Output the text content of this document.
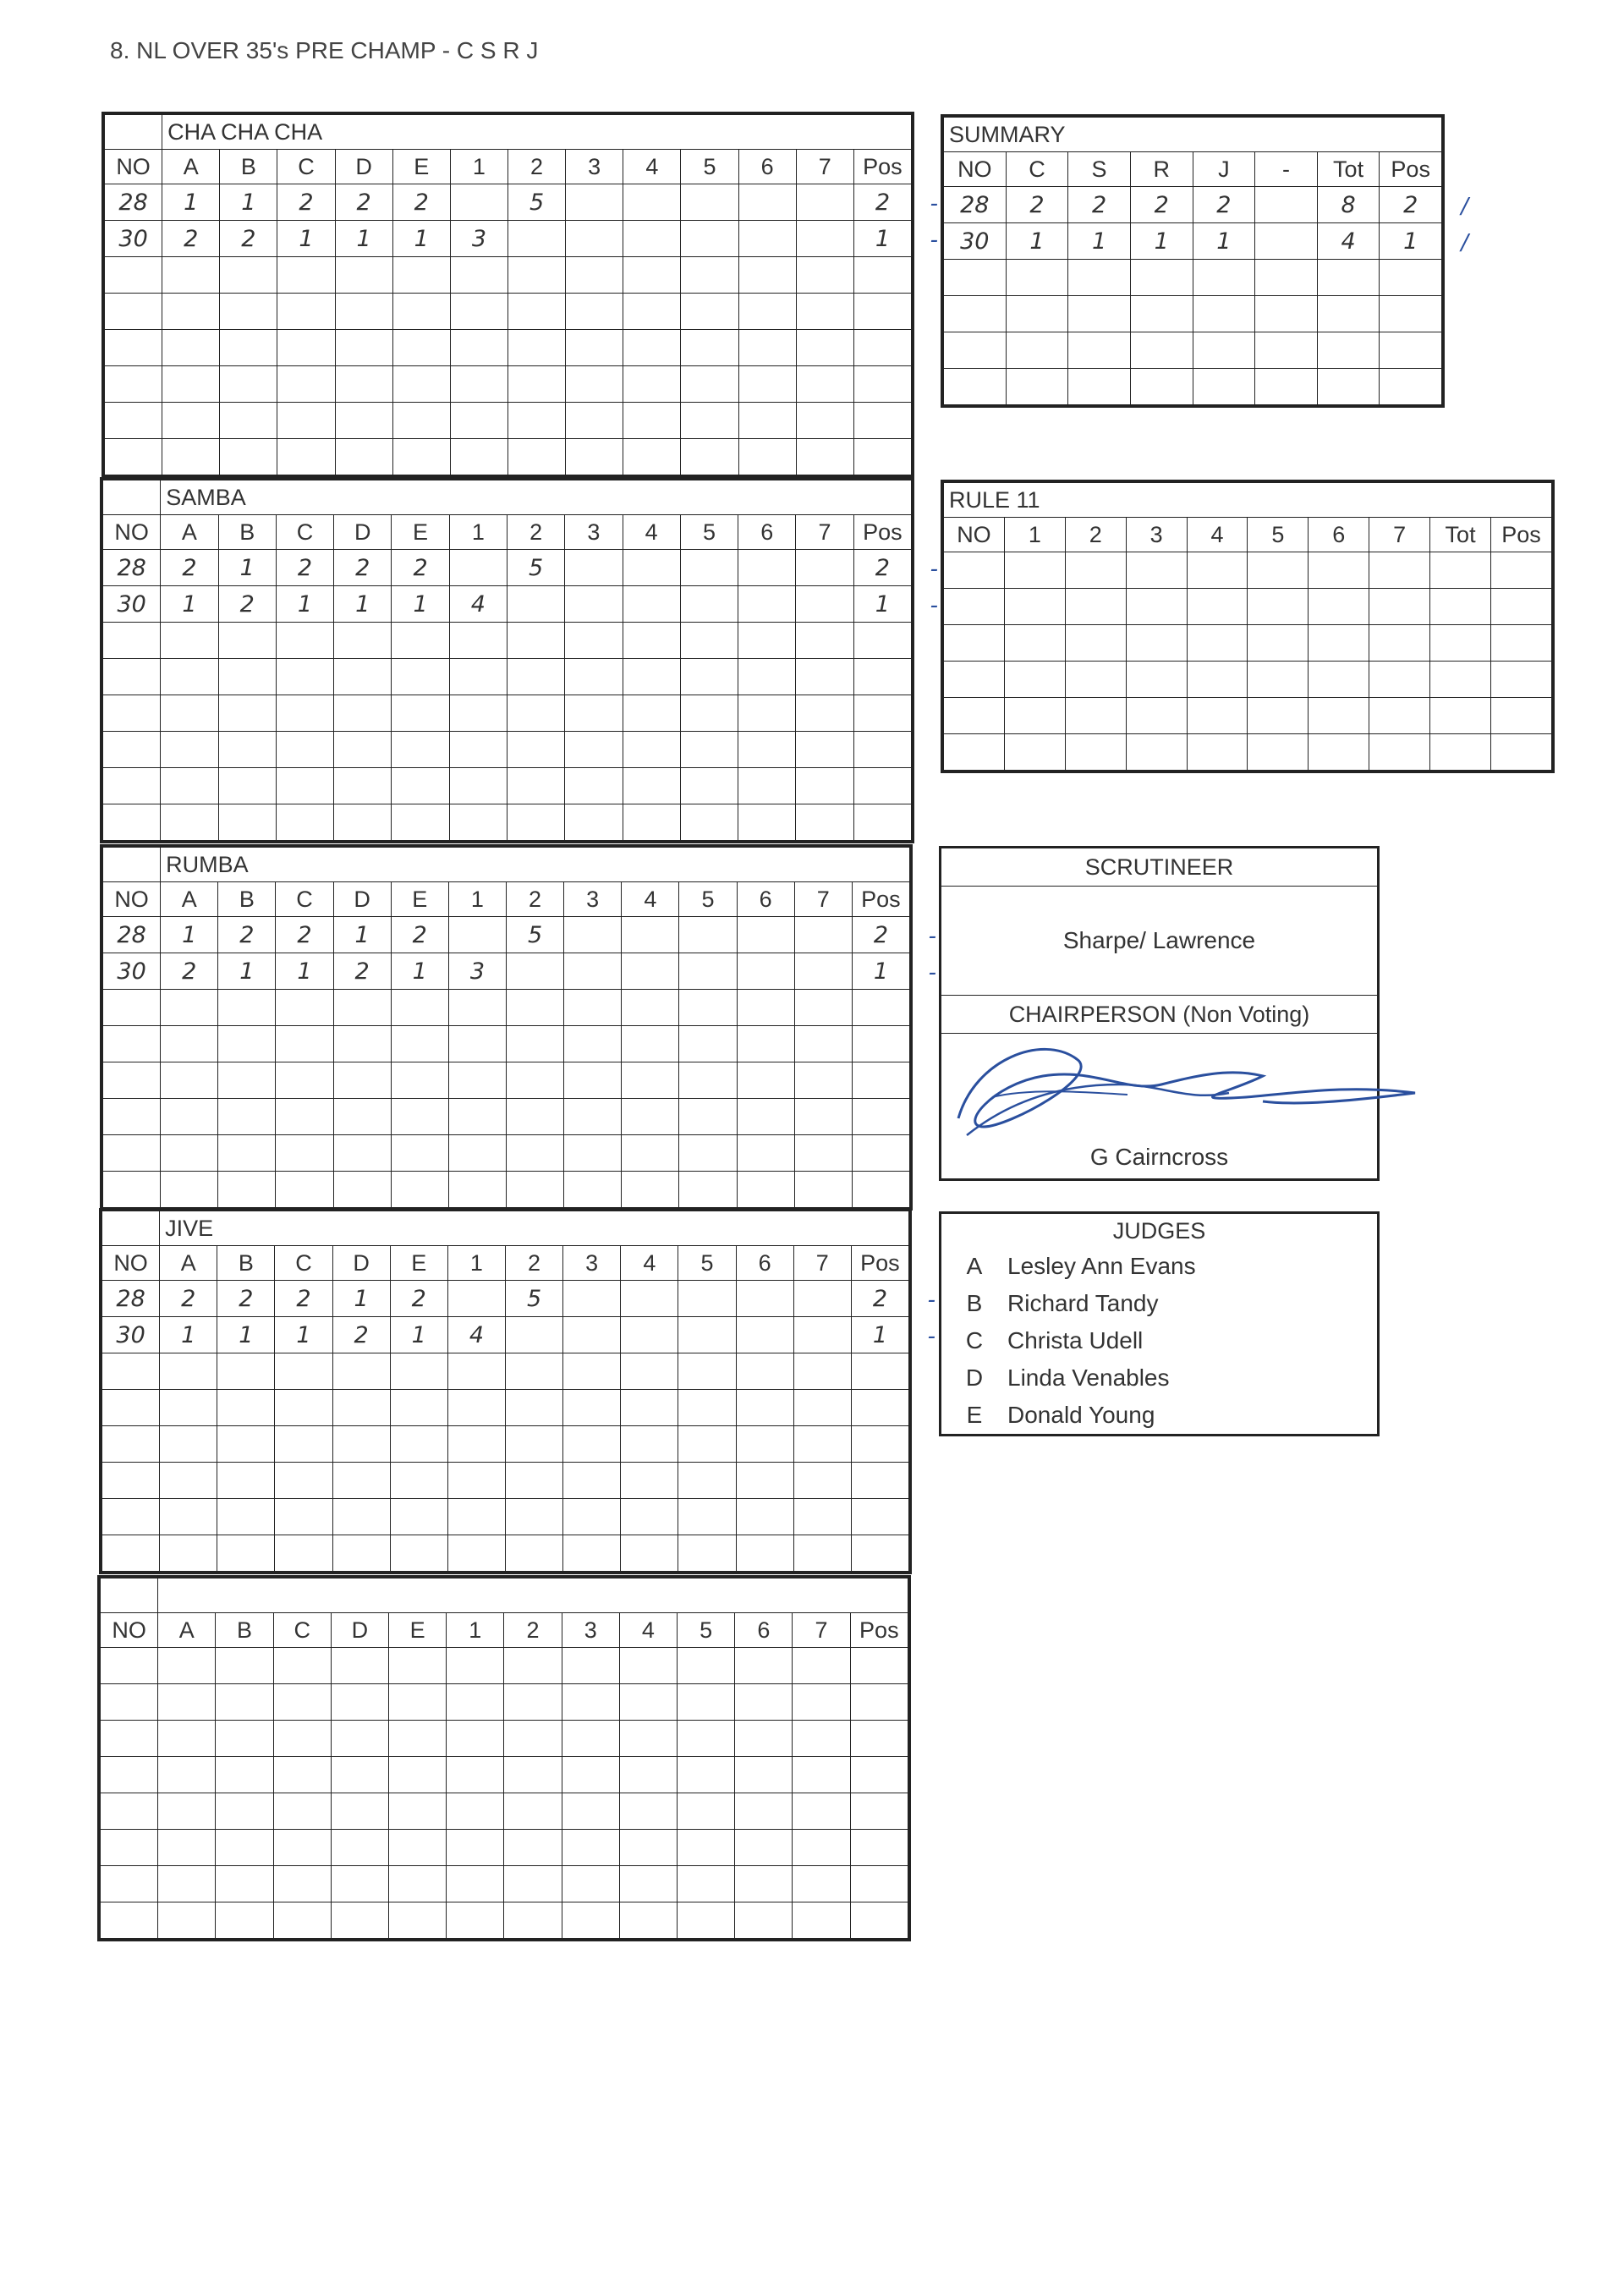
8. NL OVER 35's PRE CHAMP - C S R J
	CHA CHA CHA												
NO	A	B	C	D	E	1	2	3	4	5	6	7	Pos
28	1	1	2	2	2		5						2 -

30	2	2	1	1	1	3							1 -

	SAMBA												
NO	A	B	C	D	E	1	2	3	4	5	6	7	Pos
28	2	1	2	2	2		5						2 -

30	1	2	1	1	1	4							1 -

	RUMBA												
NO	A	B	C	D	E	1	2	3	4	5	6	7	Pos
28	1	2	2	1	2		5						2 -

30	2	1	1	2	1	3							1 -

	JIVE												
NO	A	B	C	D	E	1	2	3	4	5	6	7	Pos
28	2	2	2	1	2		5						2 -

30	1	1	1	2	1	4							1 -

NO	A	B	C	D	E	1	2	3	4	5	6	7	Pos

SUMMARY							
NO	C	S	R	J	-	Tot	Pos
28	2	2	2	2		8	2 /

30	1	1	1	1		4	1 /

RULE 11									
NO	1	2	3	4	5	6	7	Tot	Pos

SCRUTINEER
Sharpe/ Lawrence
CHAIRPERSON (Non Voting)
G Cairncross
JUDGES
A	Lesley Ann Evans
B	Richard Tandy
C	Christa Udell
D	Linda Venables
E	Donald Young
